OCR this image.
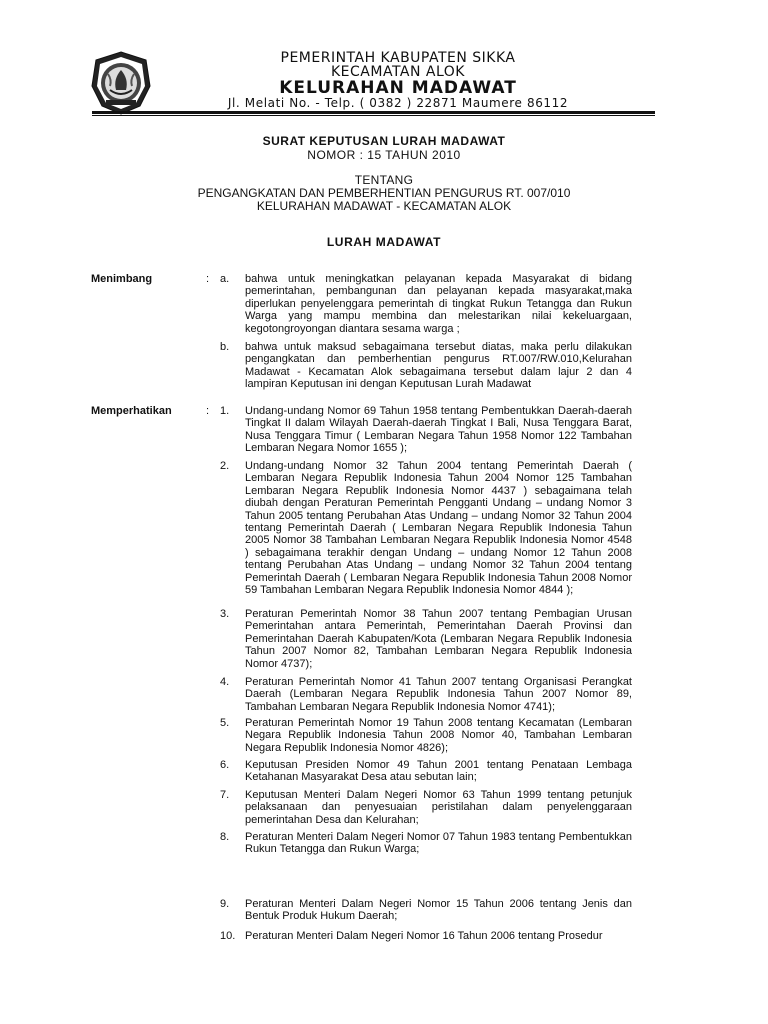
PEMERINTAH KABUPATEN SIKKA
KECAMATAN ALOK
KELURAHAN MADAWAT
Jl. Melati No. - Telp. ( 0382 ) 22871 Maumere 86112
SURAT KEPUTUSAN LURAH MADAWAT
NOMOR : 15 TAHUN 2010
TENTANG
PENGANGKATAN DAN PEMBERHENTIAN PENGURUS RT. 007/010
KELURAHAN MADAWAT - KECAMATAN ALOK
LURAH MADAWAT
Menimbang	: a.	bahwa untuk meningkatkan pelayanan kepada Masyarakat di bidang pemerintahan, pembangunan dan pelayanan kepada masyarakat,maka diperlukan penyelenggara pemerintah di tingkat Rukun Tetangga dan Rukun Warga yang mampu membina dan melestarikan nilai kekeluargaan, kegotongroyongan diantara sesama warga ;
b.	bahwa untuk maksud sebagaimana tersebut diatas, maka perlu dilakukan pengangkatan dan pemberhentian pengurus RT.007/RW.010,Kelurahan Madawat - Kecamatan Alok sebagaimana tersebut dalam lajur 2 dan 4 lampiran Keputusan ini dengan Keputusan Lurah Madawat
Memperhatikan	: 1.	Undang-undang Nomor 69 Tahun 1958 tentang Pembentukkan Daerah-daerah Tingkat II dalam Wilayah Daerah-daerah Tingkat I Bali, Nusa Tenggara Barat, Nusa Tenggara Timur ( Lembaran Negara Tahun 1958 Nomor 122 Tambahan Lembaran Negara Nomor 1655 );
2.	Undang-undang Nomor 32 Tahun 2004 tentang Pemerintah Daerah ( Lembaran Negara Republik Indonesia Tahun 2004 Nomor 125 Tambahan Lembaran Negara Republik Indonesia Nomor 4437 ) sebagaimana telah diubah dengan Peraturan Pemerintah Pengganti Undang – undang Nomor 3 Tahun 2005 tentang Perubahan Atas Undang – undang Nomor 32 Tahun 2004 tentang Pemerintah Daerah ( Lembaran Negara Republik Indonesia Tahun 2005 Nomor 38 Tambahan Lembaran Negara Republik Indonesia Nomor 4548 ) sebagaimana terakhir dengan Undang – undang Nomor 12 Tahun 2008 tentang Perubahan Atas Undang – undang Nomor 32 Tahun 2004 tentang Pemerintah Daerah ( Lembaran Negara Republik Indonesia Tahun 2008 Nomor 59 Tambahan Lembaran Negara Republik Indonesia Nomor 4844 );
3.	Peraturan Pemerintah Nomor 38 Tahun 2007 tentang Pembagian Urusan Pemerintahan antara Pemerintah, Pemerintahan Daerah Provinsi dan Pemerintahan Daerah Kabupaten/Kota (Lembaran Negara Republik Indonesia Tahun 2007 Nomor 82, Tambahan Lembaran Negara Republik Indonesia Nomor 4737);
4.	Peraturan Pemerintah Nomor 41 Tahun 2007 tentang Organisasi Perangkat Daerah (Lembaran Negara Republik Indonesia Tahun 2007 Nomor 89, Tambahan Lembaran Negara Republik Indonesia Nomor 4741);
5.	Peraturan Pemerintah Nomor 19 Tahun 2008 tentang Kecamatan (Lembaran Negara Republik Indonesia Tahun 2008 Nomor 40, Tambahan Lembaran Negara Republik Indonesia Nomor 4826);
6.	Keputusan Presiden Nomor 49 Tahun 2001 tentang Penataan Lembaga Ketahanan Masyarakat Desa atau sebutan lain;
7.	Keputusan Menteri Dalam Negeri Nomor 63 Tahun 1999 tentang petunjuk pelaksanaan dan penyesuaian peristilahan dalam penyelenggaraan pemerintahan Desa dan Kelurahan;
8.	Peraturan Menteri Dalam Negeri Nomor 07 Tahun 1983 tentang Pembentukkan Rukun Tetangga dan Rukun Warga;
9.	Peraturan Menteri Dalam Negeri Nomor 15 Tahun 2006 tentang Jenis dan Bentuk Produk Hukum Daerah;
10. Peraturan Menteri Dalam Negeri Nomor 16 Tahun 2006 tentang Prosedur
